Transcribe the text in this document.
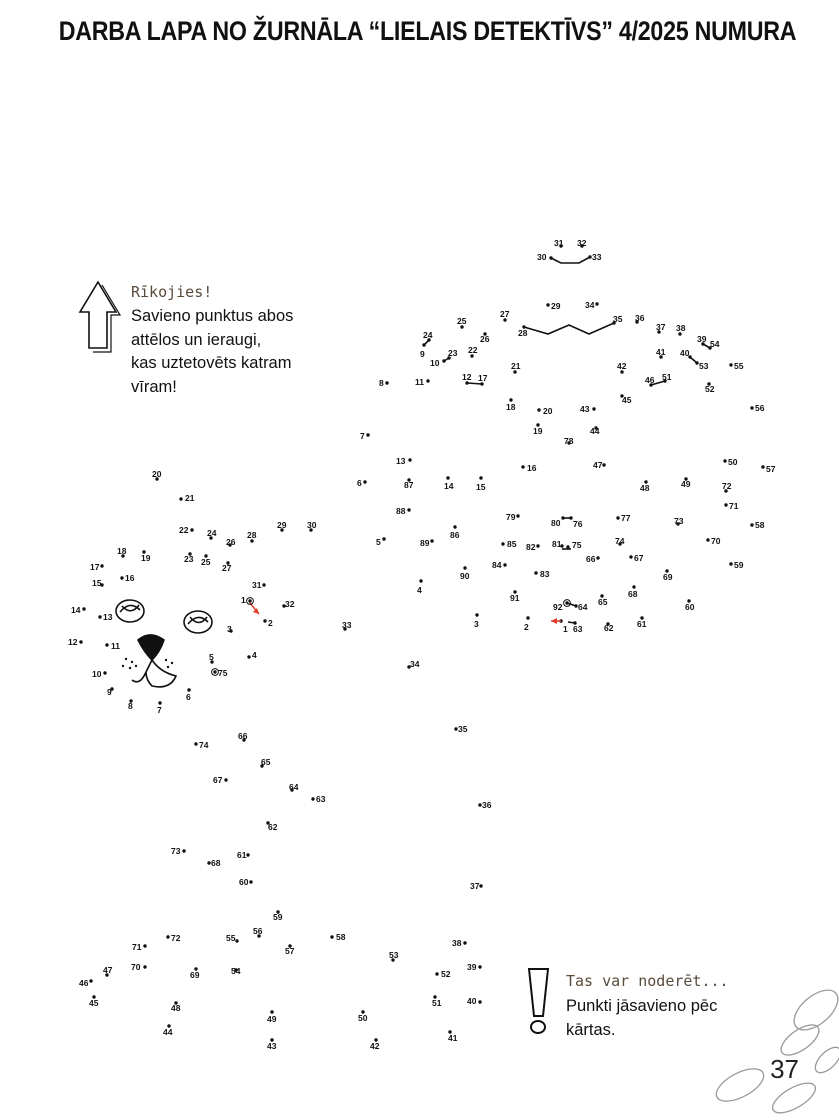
DARBA LAPA NO ŽURNĀLA “LIELAIS DETEKTĪVS” 4/2025 NUMURA
1
2
3
4
5
6
7
8
9
10
11	12
13
14	15
16
17
18
19
20
21
22
23
24
25
26
27
28
29
30
31 32
33
34
35 36
37 38
39
40
41
42
43
44
45
46
47
48	49
50
51
52
53
54
55
56
57
58
59
60
61
62
63
64 65
66	67
68
69
70
71
72
73
74
75
76
77
78
79
80
81
82
83
84
85
86
87
88
89
90
91
92
1
2
3
4
5
6
7
8
9
10
11
12
13
14
15	16
17
18
19
20
21
22
23
24
25
26
27
28
29 30
31
32
33
34
35
36
37
38
39
40
41
42
43
44
45
46
47
48
49	50
51
52
53
54
55
56
57
58
59
60
61
62
63
64
65
66
67
68
69
70
71
72
73
74
75
Rīkojies!
Savieno punktus abos
attēlos un ieraugi,
kas uztetovēts katram
vīram!
Tas var noderēt...
Punkti jāsavieno pēc
kārtas.
37
